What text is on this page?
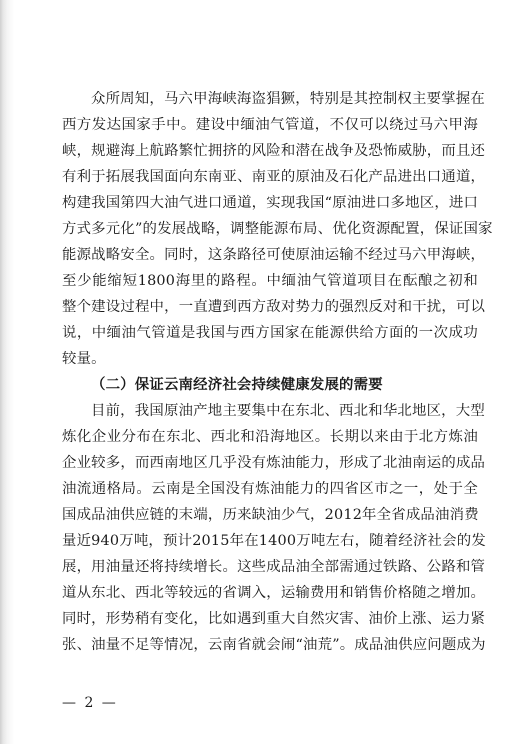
众所周知，马六甲海峡海盗猖獗，特别是其控制权主要掌握在
西方发达国家手中。建设中缅油气管道，不仅可以绕过马六甲海
峡，规避海上航路繁忙拥挤的风险和潜在战争及恐怖威胁，而且还
有利于拓展我国面向东南亚、南亚的原油及石化产品进出口通道，
构建我国第四大油气进口通道，实现我国“原油进口多地区，进口
方式多元化”的发展战略，调整能源布局、优化资源配置，保证国家
能源战略安全。同时，这条路径可使原油运输不经过马六甲海峡，
至少能缩短1800海里的路程。中缅油气管道项目在酝酿之初和
整个建设过程中，一直遭到西方敌对势力的强烈反对和干扰，可以
说，中缅油气管道是我国与西方国家在能源供给方面的一次成功
较量。
（二）保证云南经济社会持续健康发展的需要
目前，我国原油产地主要集中在东北、西北和华北地区，大型
炼化企业分布在东北、西北和沿海地区。长期以来由于北方炼油
企业较多，而西南地区几乎没有炼油能力，形成了北油南运的成品
油流通格局。云南是全国没有炼油能力的四省区市之一，处于全
国成品油供应链的末端，历来缺油少气，2012年全省成品油消费
量近940万吨，预计2015年在1400万吨左右，随着经济社会的发
展，用油量还将持续增长。这些成品油全部需通过铁路、公路和管
道从东北、西北等较远的省调入，运输费用和销售价格随之增加。
同时，形势稍有变化，比如遇到重大自然灾害、油价上涨、运力紧
张、油量不足等情况，云南省就会闹“油荒”。成品油供应问题成为
— 2 —
